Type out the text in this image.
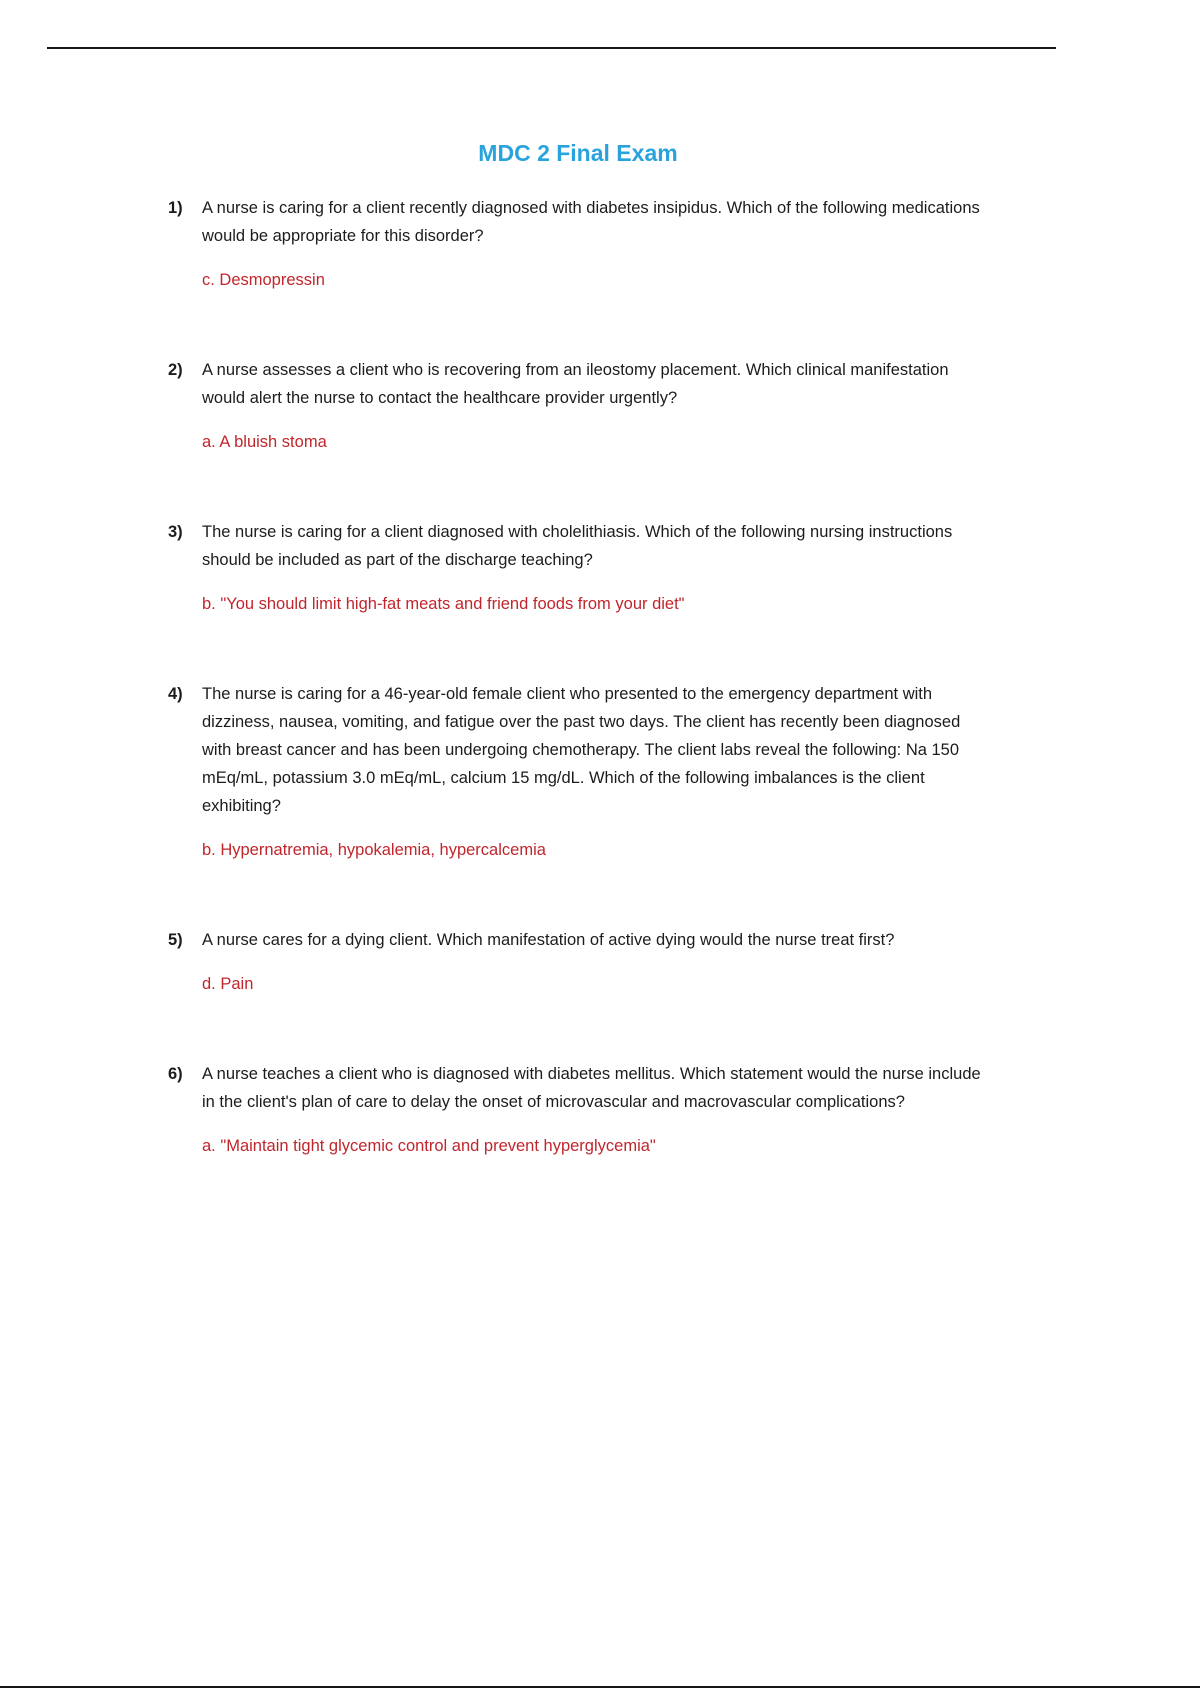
MDC 2 Final Exam
1)	A nurse is caring for a client recently diagnosed with diabetes insipidus. Which of the following medications would be appropriate for this disorder?
c. Desmopressin
2)	A nurse assesses a client who is recovering from an ileostomy placement. Which clinical manifestation would alert the nurse to contact the healthcare provider urgently?
a. A bluish stoma
3)	The nurse is caring for a client diagnosed with cholelithiasis. Which of the following nursing instructions should be included as part of the discharge teaching?
b. "You should limit high-fat meats and friend foods from your diet"
4)	The nurse is caring for a 46-year-old female client who presented to the emergency department with dizziness, nausea, vomiting, and fatigue over the past two days. The client has recently been diagnosed with breast cancer and has been undergoing chemotherapy. The client labs reveal the following: Na 150 mEq/mL, potassium 3.0 mEq/mL, calcium 15 mg/dL. Which of the following imbalances is the client exhibiting?
b. Hypernatremia, hypokalemia, hypercalcemia
5)	A nurse cares for a dying client. Which manifestation of active dying would the nurse treat first?
d. Pain
6)	A nurse teaches a client who is diagnosed with diabetes mellitus. Which statement would the nurse include in the client's plan of care to delay the onset of microvascular and macrovascular complications?
a. "Maintain tight glycemic control and prevent hyperglycemia"
